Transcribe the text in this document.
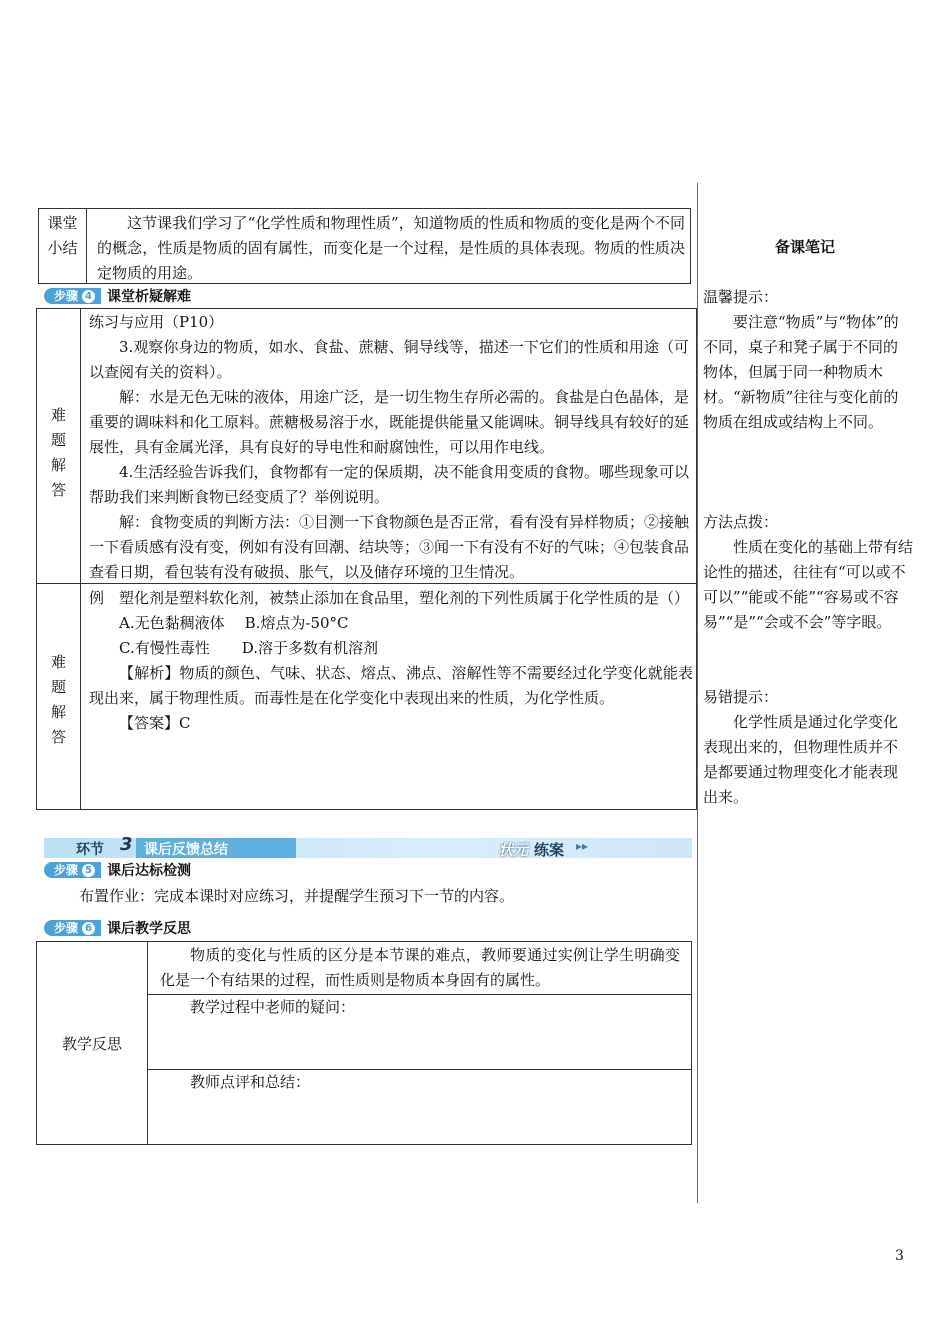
课堂
小结
这节课我们学习了“化学性质和物理性质”，知道物质的性质和物质的变化是两个不同的概念，性质是物质的固有属性，而变化是一个过程，是性质的具体表现。物质的性质决定物质的用途。
步骤 4 课堂析疑解难
难
题
解
答
练习与应用（P10）
3.观察你身边的物质，如水、食盐、蔗糖、铜导线等，描述一下它们的性质和用途（可以查阅有关的资料）。
解：水是无色无味的液体，用途广泛，是一切生物生存所必需的。食盐是白色晶体，是重要的调味料和化工原料。蔗糖极易溶于水，既能提供能量又能调味。铜导线具有较好的延展性，具有金属光泽，具有良好的导电性和耐腐蚀性，可以用作电线。
4.生活经验告诉我们，食物都有一定的保质期，决不能食用变质的食物。哪些现象可以帮助我们来判断食物已经变质了？举例说明。
解：食物变质的判断方法：①目测一下食物颜色是否正常，看有没有异样物质；②接触一下看质感有没有变，例如有没有回潮、结块等；③闻一下有没有不好的气味；④包装食品查看日期，看包装有没有破损、胀气，以及储存环境的卫生情况。
难
题
解
答
例　塑化剂是塑料软化剂，被禁止添加在食品里，塑化剂的下列性质属于化学性质的是（）
A.无色黏稠液体 B.熔点为-50°C
C.有慢性毒性 D.溶于多数有机溶剂
【解析】物质的颜色、气味、状态、熔点、沸点、溶解性等不需要经过化学变化就能表现出来，属于物理性质。而毒性是在化学变化中表现出来的性质，为化学性质。
【答案】C
环节 3 课后反馈总结	状元 练案 ▸▸
步骤 5 课后达标检测
布置作业：完成本课时对应练习，并提醒学生预习下一节的内容。
步骤 6 课后教学反思
教学反思
物质的变化与性质的区分是本节课的难点，教师要通过实例让学生明确变化是一个有结果的过程，而性质则是物质本身固有的属性。
教学过程中老师的疑问：
教师点评和总结：
备课笔记
温馨提示：
要注意“物质”与“物体”的不同，桌子和凳子属于不同的物体，但属于同一种物质木材。“新物质”往往与变化前的物质在组成或结构上不同。
方法点拨：
性质在变化的基础上带有结论性的描述，往往有“可以或不可以”“能或不能”“容易或不容易”“是”“会或不会”等字眼。
易错提示：
化学性质是通过化学变化表现出来的，但物理性质并不是都要通过物理变化才能表现出来。
3
